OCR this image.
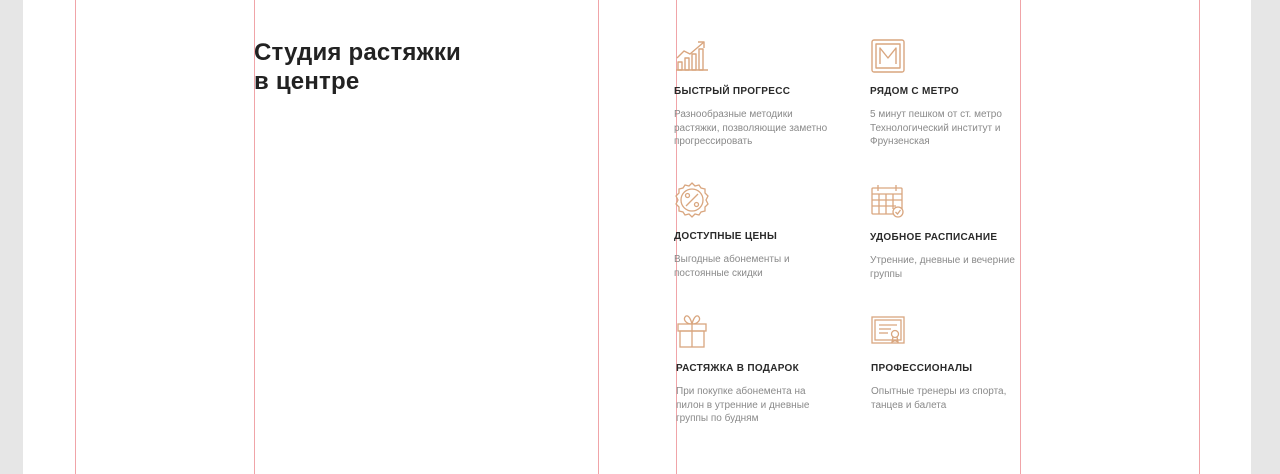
Студия растяжки
в центре	БЫСТРЫЙ ПРОГРЕСС

Разнообразные методики растяжки, позволяющие заметно прогрессировать

РЯДОМ С МЕТРО

5 минут пешком от ст. метро Технологический институт и Фрунзенская

ДОСТУПНЫЕ ЦЕНЫ

Выгодные абонементы и постоянные скидки

УДОБНОЕ РАСПИСАНИЕ

Утренние, дневные и вечерние группы

РАСТЯЖКА В ПОДАРОК

При покупке абонемента на пилон в утренние и дневные группы по будням

ПРОФЕССИОНАЛЫ

Опытные тренеры из спорта, танцев и балета
